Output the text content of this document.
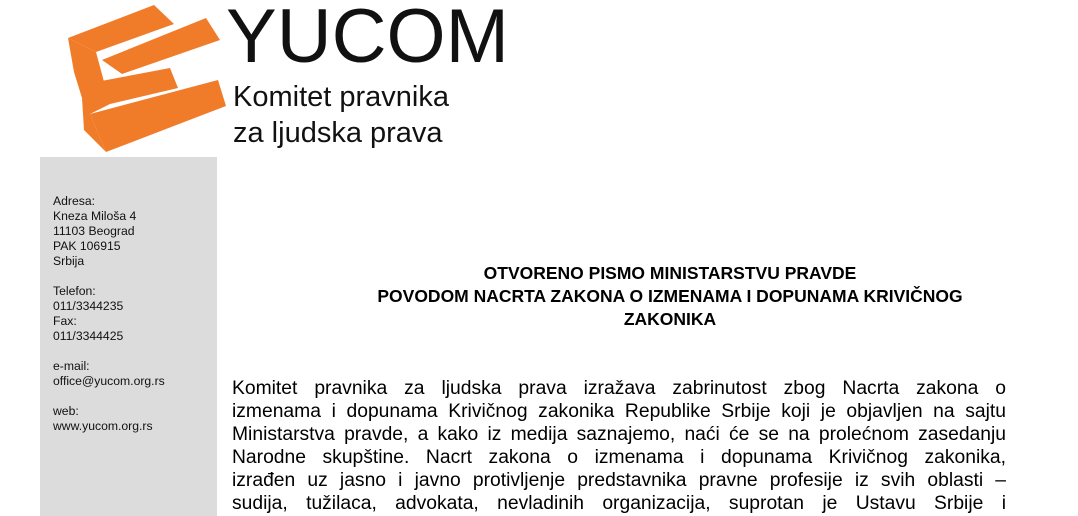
YUCOM
Komitet pravnika
za ljudska prava
Adresa:
Kneza Miloša 4
11103 Beograd
PAK 106915
Srbija
Telefon:
011/3344235
Fax:
011/3344425
e-mail:
office@yucom.org.rs
web:
www.yucom.org.rs
OTVORENO PISMO MINISTARSTVU PRAVDE
POVODOM NACRTA ZAKONA O IZMENAMA I DOPUNAMA KRIVIČNOG
ZAKONIKA
Komitet pravnika za ljudska prava izražava zabrinutost zbog Nacrta zakona o
izmenama i dopunama Krivičnog zakonika Republike Srbije koji je objavljen na sajtu
Ministarstva pravde, a kako iz medija saznajemo, naći će se na prolećnom zasedanju
Narodne skupštine. Nacrt zakona o izmenama i dopunama Krivičnog zakonika,
izrađen uz jasno i javno protivljenje predstavnika pravne profesije iz svih oblasti –
sudija, tužilaca, advokata, nevladinih organizacija, suprotan je Ustavu Srbije i
